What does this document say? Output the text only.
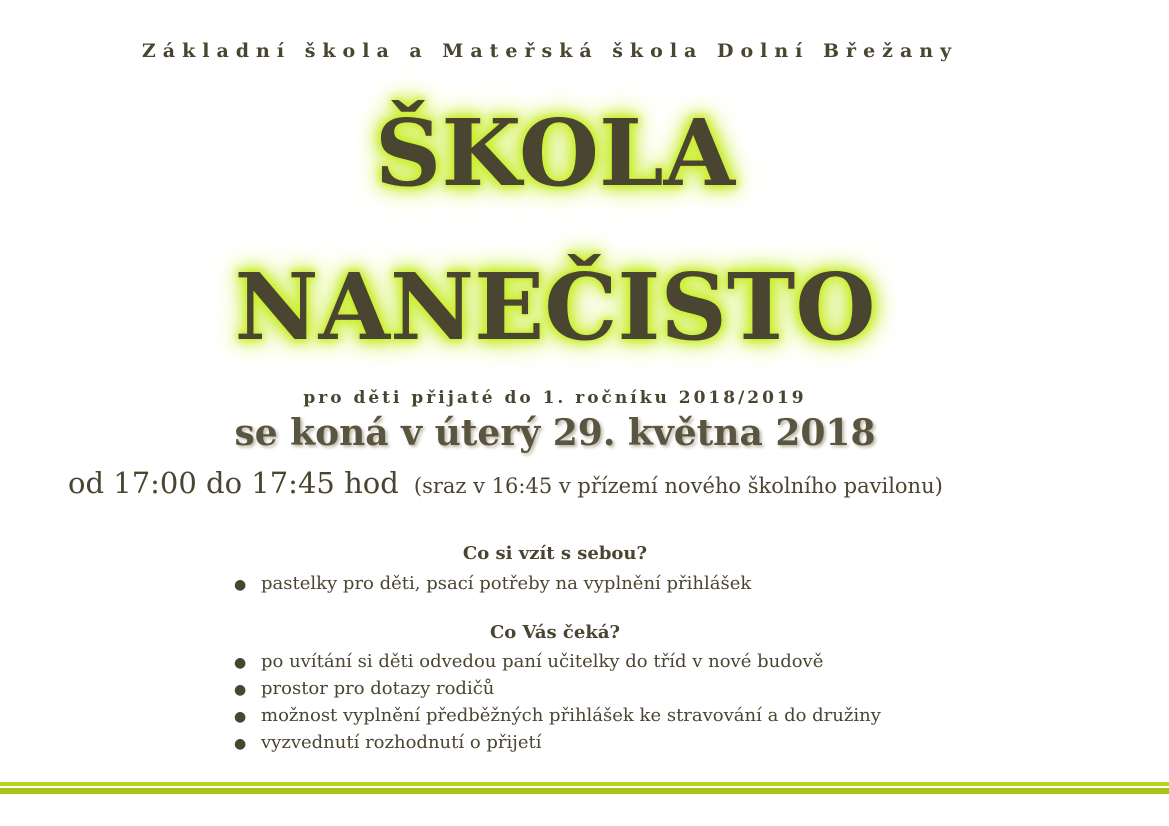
Základní škola a Mateřská škola Dolní Břežany
ŠKOLA
NANEČISTO
pro děti přijaté do 1. ročníku 2018/2019
se koná v úterý 29. května 2018
od 17:00 do 17:45 hod (sraz v 16:45 v přízemí nového školního pavilonu)
Co si vzít s sebou?
● pastelky pro děti, psací potřeby na vyplnění přihlášek
Co Vás čeká?
● po uvítání si děti odvedou paní učitelky do tříd v nové budově
● prostor pro dotazy rodičů
● možnost vyplnění předběžných přihlášek ke stravování a do družiny
● vyzvednutí rozhodnutí o přijetí
